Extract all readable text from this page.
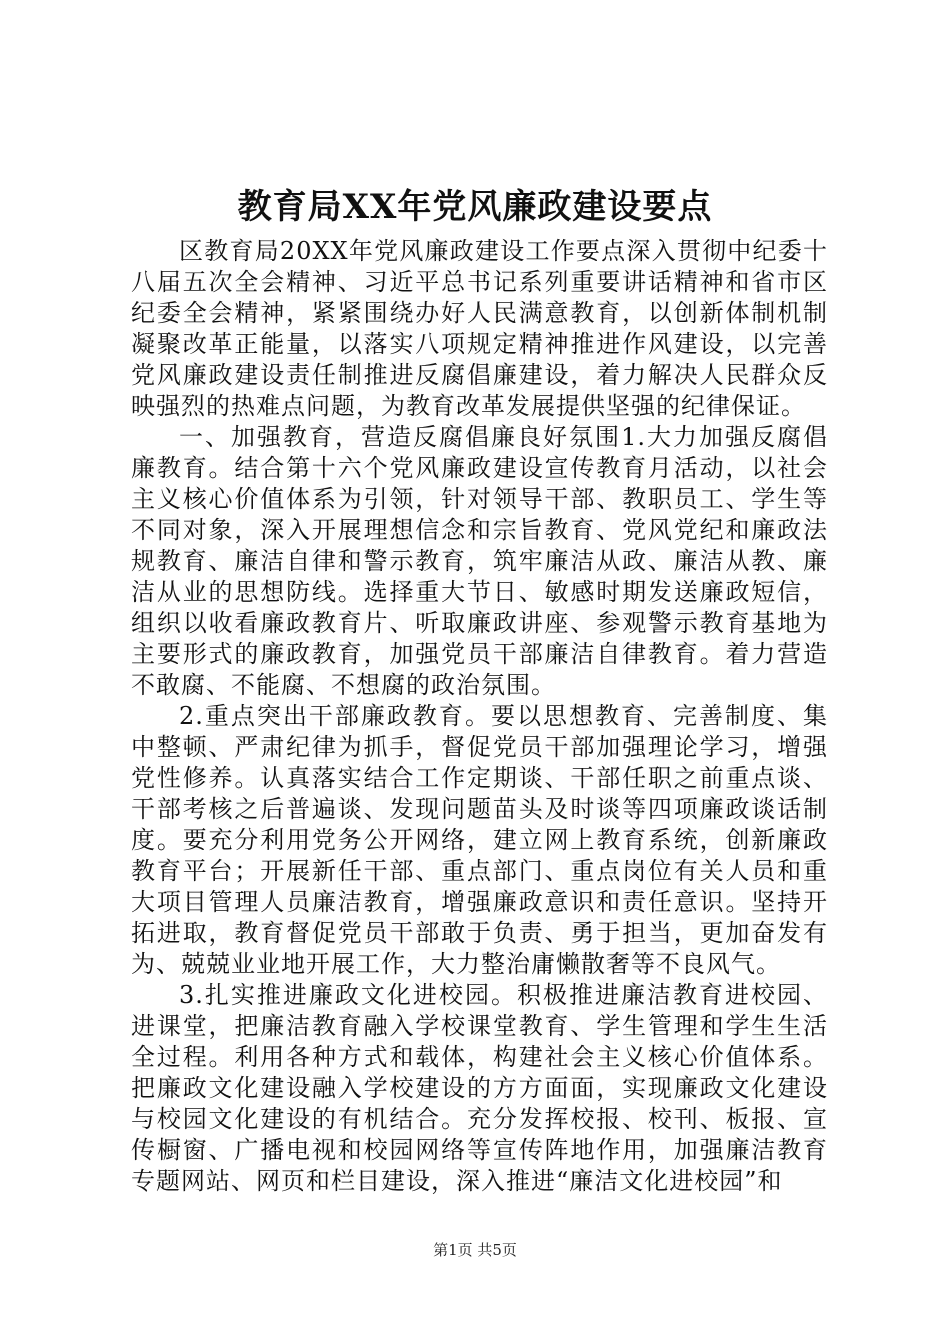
教育局XX年党风廉政建设要点

区教育局20XX年党风廉政建设工作要点深入贯彻中纪委十八届五次全会精神、习近平总书记系列重要讲话精神和省市区纪委全会精神，紧紧围绕办好人民满意教育，以创新体制机制凝聚改革正能量，以落实八项规定精神推进作风建设，以完善党风廉政建设责任制推进反腐倡廉建设，着力解决人民群众反映强烈的热难点问题，为教育改革发展提供坚强的纪律保证。

一、加强教育，营造反腐倡廉良好氛围1.大力加强反腐倡廉教育。结合第十六个党风廉政建设宣传教育月活动，以社会主义核心价值体系为引领，针对领导干部、教职员工、学生等不同对象，深入开展理想信念和宗旨教育、党风党纪和廉政法规教育、廉洁自律和警示教育，筑牢廉洁从政、廉洁从教、廉洁从业的思想防线。选择重大节日、敏感时期发送廉政短信，组织以收看廉政教育片、听取廉政讲座、参观警示教育基地为主要形式的廉政教育，加强党员干部廉洁自律教育。着力营造不敢腐、不能腐、不想腐的政治氛围。

2.重点突出干部廉政教育。要以思想教育、完善制度、集中整顿、严肃纪律为抓手，督促党员干部加强理论学习，增强党性修养。认真落实结合工作定期谈、干部任职之前重点谈、干部考核之后普遍谈、发现问题苗头及时谈等四项廉政谈话制度。要充分利用党务公开网络，建立网上教育系统，创新廉政教育平台；开展新任干部、重点部门、重点岗位有关人员和重大项目管理人员廉洁教育，增强廉政意识和责任意识。坚持开拓进取，教育督促党员干部敢于负责、勇于担当，更加奋发有为、兢兢业业地开展工作，大力整治庸懒散奢等不良风气。

3.扎实推进廉政文化进校园。积极推进廉洁教育进校园、进课堂，把廉洁教育融入学校课堂教育、学生管理和学生生活全过程。利用各种方式和载体，构建社会主义核心价值体系。把廉政文化建设融入学校建设的方方面面，实现廉政文化建设与校园文化建设的有机结合。充分发挥校报、校刊、板报、宣传橱窗、广播电视和校园网络等宣传阵地作用，加强廉洁教育专题网站、网页和栏目建设，深入推进“廉洁文化进校园”和

第1页 共5页
